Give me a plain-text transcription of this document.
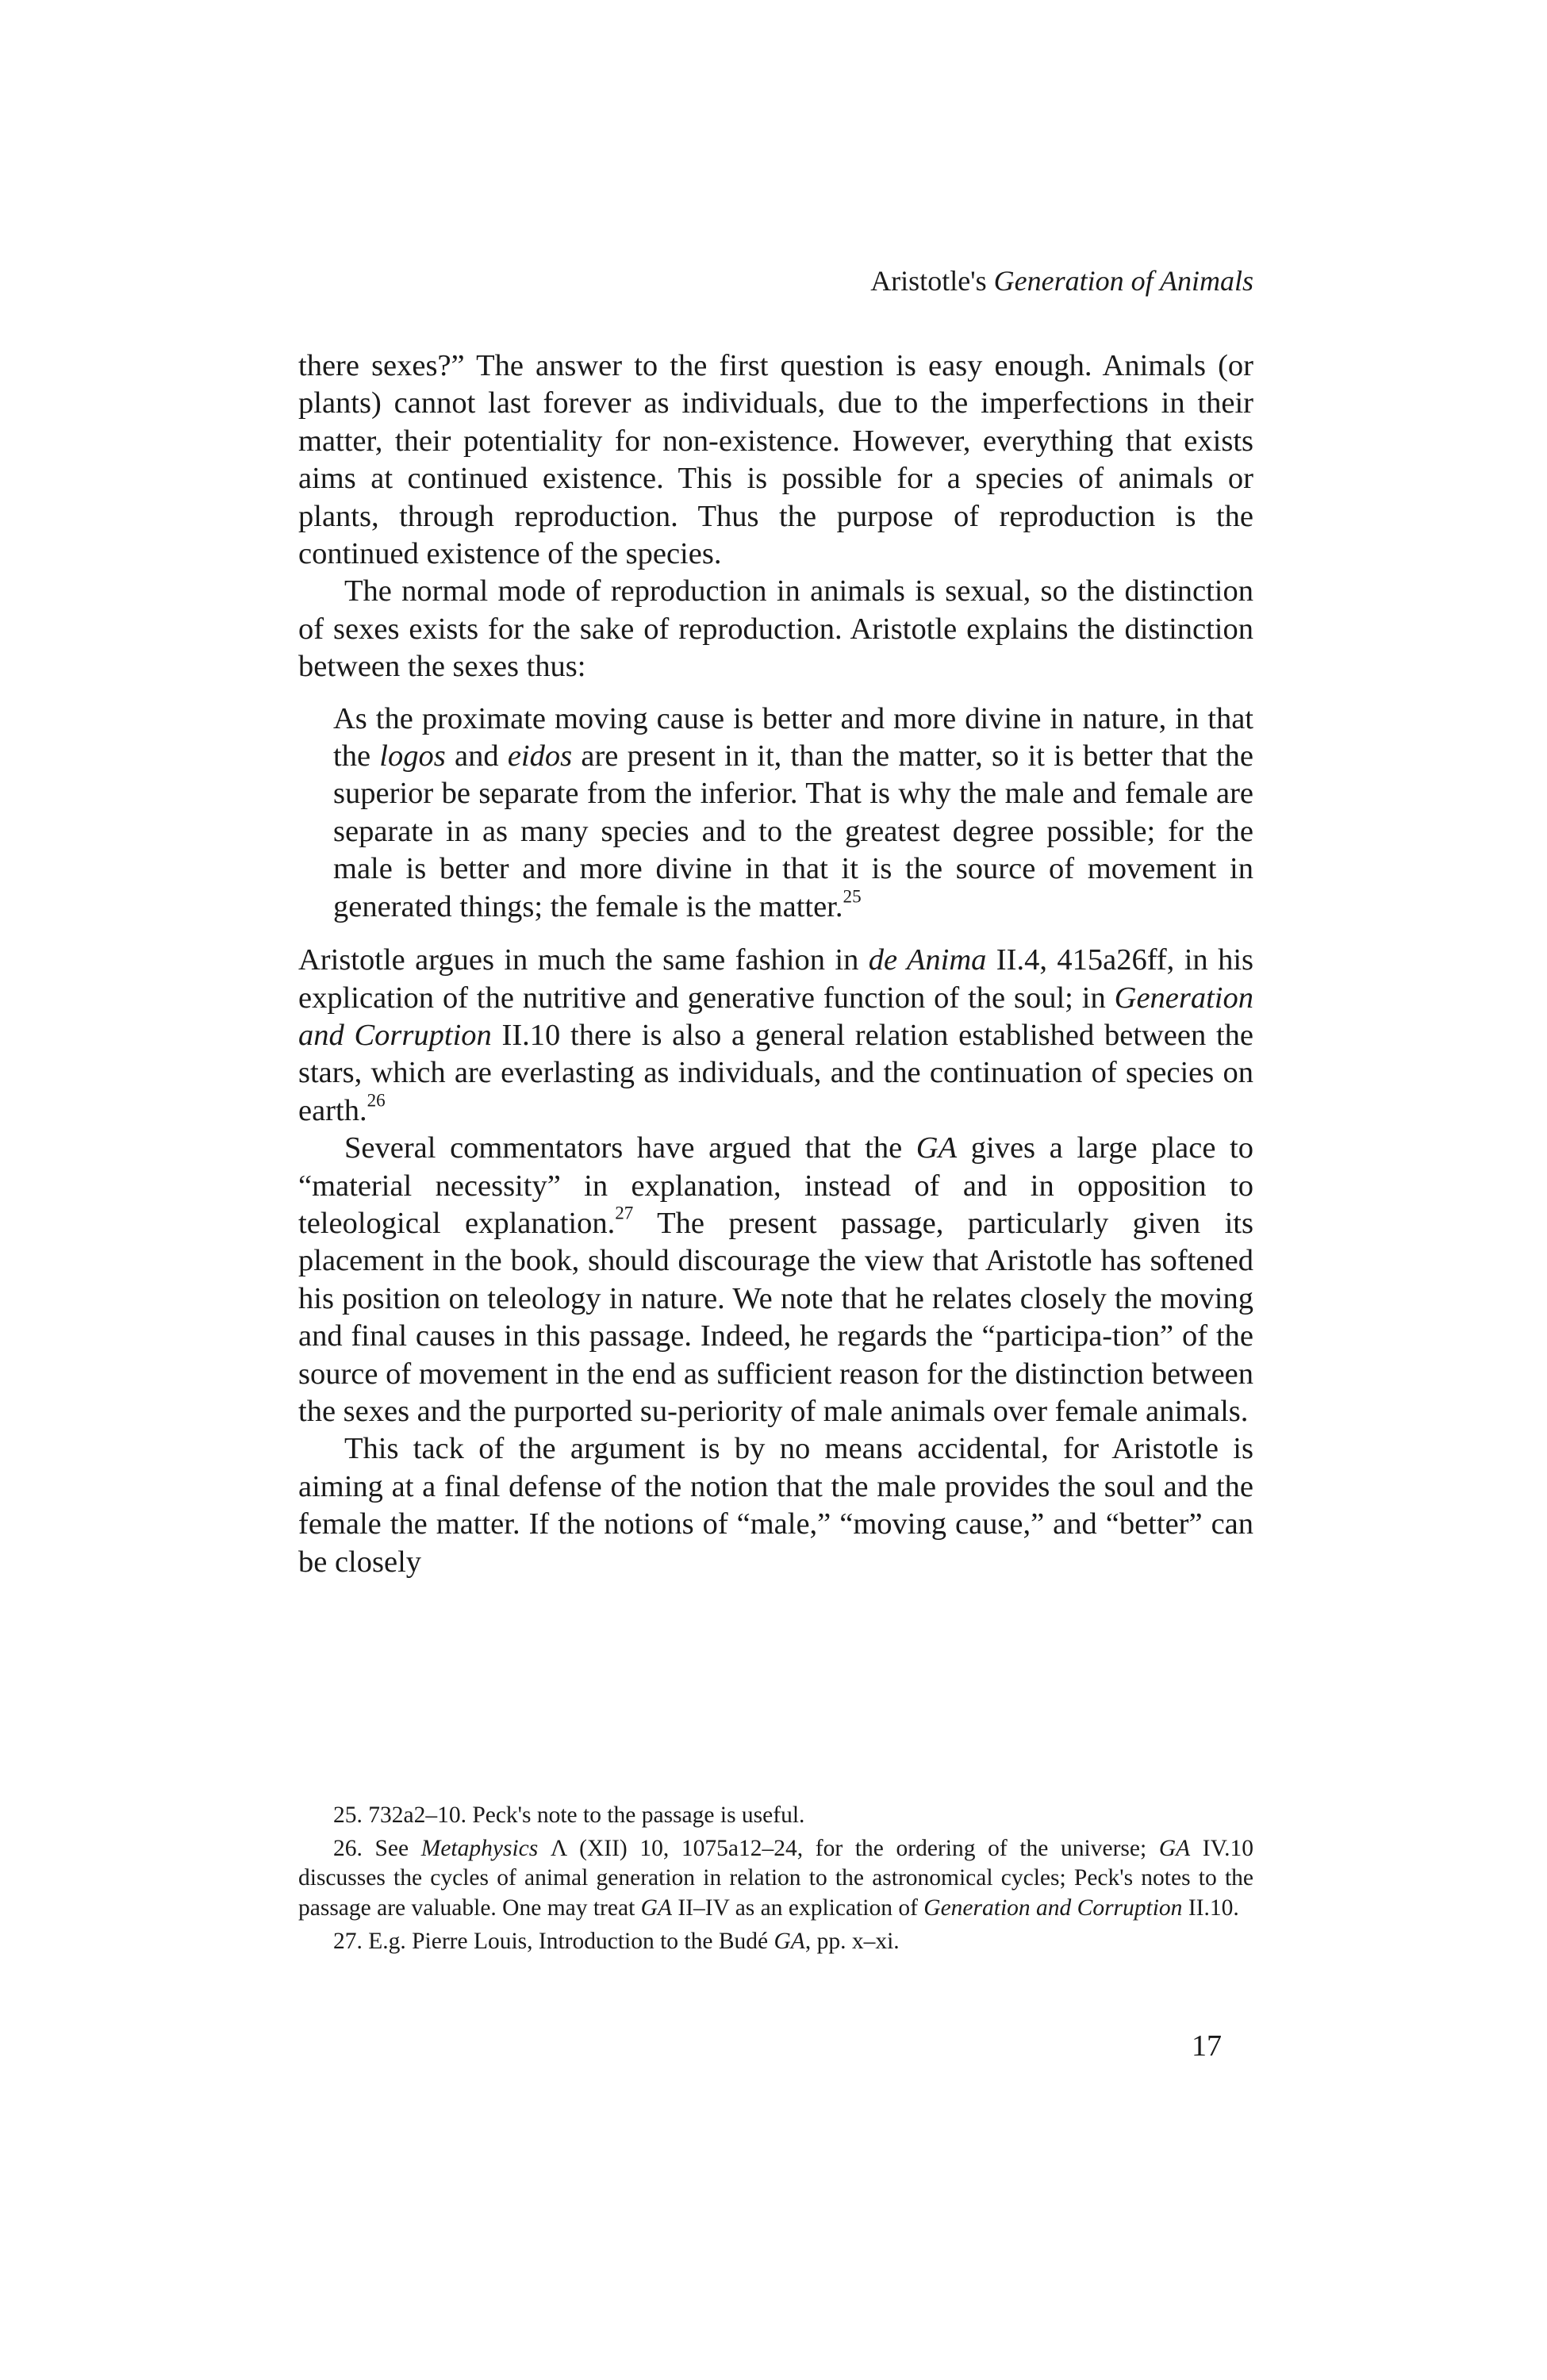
Aristotle's Generation of Animals

there sexes?” The answer to the first question is easy enough. Animals (or plants) cannot last forever as individuals, due to the imperfections in their matter, their potentiality for non-existence. However, everything that exists aims at continued existence. This is possible for a species of animals or plants, through reproduction. Thus the purpose of reproduction is the continued existence of the species.

The normal mode of reproduction in animals is sexual, so the distinction of sexes exists for the sake of reproduction. Aristotle explains the distinction between the sexes thus:

As the proximate moving cause is better and more divine in nature, in that the logos and eidos are present in it, than the matter, so it is better that the superior be separate from the inferior. That is why the male and female are separate in as many species and to the greatest degree possible; for the male is better and more divine in that it is the source of movement in generated things; the female is the matter.$^{25}$

Aristotle argues in much the same fashion in de Anima II.4, 415a26ff, in his explication of the nutritive and generative function of the soul; in Generation and Corruption II.10 there is also a general relation established between the stars, which are everlasting as individuals, and the continuation of species on earth.$^{26}$

Several commentators have argued that the GA gives a large place to “material necessity” in explanation, instead of and in opposition to teleological explanation.$^{27}$ The present passage, particularly given its placement in the book, should discourage the view that Aristotle has softened his position on teleology in nature. We note that he relates closely the moving and final causes in this passage. Indeed, he regards the “participa-tion” of the source of movement in the end as sufficient reason for the distinction between the sexes and the purported su-periority of male animals over female animals.

This tack of the argument is by no means accidental, for Aristotle is aiming at a final defense of the notion that the male provides the soul and the female the matter. If the notions of “male,” “moving cause,” and “better” can be closely

25. 732a2–10. Peck's note to the passage is useful.

26. See Metaphysics Λ (XII) 10, 1075a12–24, for the ordering of the universe; GA IV.10 discusses the cycles of animal generation in relation to the astronomical cycles; Peck's notes to the passage are valuable. One may treat GA II–IV as an explication of Generation and Corruption II.10.

27. E.g. Pierre Louis, Introduction to the Budé GA, pp. x–xi.

17
